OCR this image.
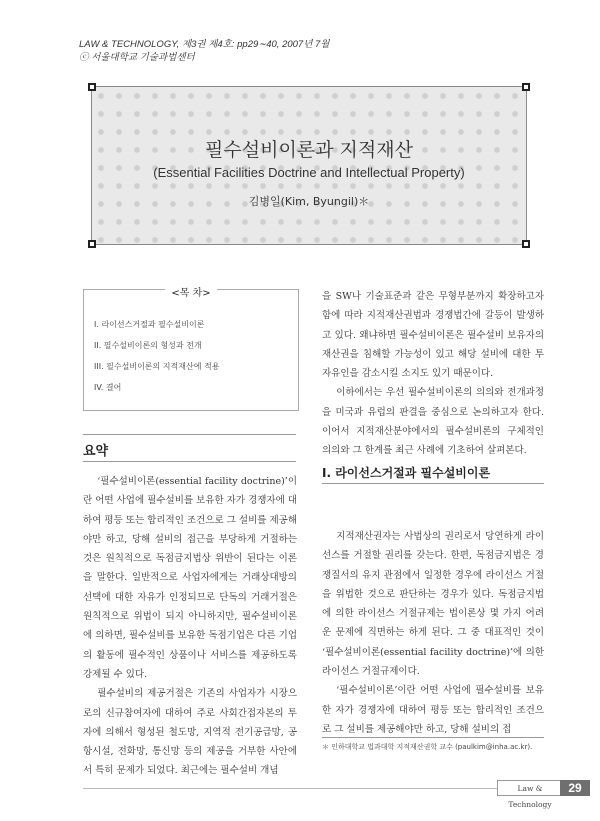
LAW & TECHNOLOGY, 제3권 제4호: pp29∼40, 2007년 7월
ⓒ 서울대학교 기술과법센터
필수설비이론과 지적재산
(Essential Facilities Doctrine and Intellectual Property)
김병일(Kim, Byungil)＊
<목 차>
I. 라이선스거절과 필수설비이론
II. 필수설비이론의 형성과 전개
III. 필수설비이론의 지적재산에 적용
IV. 결어
요약

‘필수설비이론(essential facility doctrine)’이란 어떤 사업에 필수설비를 보유한 자가 경쟁자에 대하여 평등 또는 합리적인 조건으로 그 설비를 제공해야만 하고, 당해 설비의 접근을 부당하게 거절하는 것은 원칙적으로 독점금지법상 위반이 된다는 이론을 말한다. 일반적으로 사업자에게는 거래상대방의 선택에 대한 자유가 인정되므로 단독의 거래거절은 원칙적으로 위법이 되지 아니하지만, 필수설비이론에 의하면, 필수설비를 보유한 독점기업은 다른 기업의 활동에 필수적인 상품이나 서비스를 제공하도록 강제될 수 있다.

필수설비의 제공거절은 기존의 사업자가 시장으로의 신규참여자에 대하여 주로 사회간접자본의 투자에 의해서 형성된 철도망, 지역적 전기공급망, 공항시설, 전화망, 통신망 등의 제공을 거부한 사안에서 특히 문제가 되었다. 최근에는 필수설비 개념

을 SW나 기술표준과 같은 무형부분까지 확장하고자 함에 따라 지적재산권법과 경쟁법간에 갈등이 발생하고 있다. 왜냐하면 필수설비이론은 필수설비 보유자의 재산권을 침해할 가능성이 있고 해당 설비에 대한 투자유인을 감소시킬 소지도 있기 때문이다.

이하에서는 우선 필수설비이론의 의의와 전개과정을 미국과 유럽의 판결을 중심으로 논의하고자 한다. 이어서 지적재산분야에서의 필수설비론의 구체적인 의의와 그 한계를 최근 사례에 기초하여 살펴본다.

I. 라이선스거절과 필수설비이론

지적재산권자는 사법상의 권리로서 당연하게 라이선스를 거절할 권리를 갖는다. 한편, 독점금지법은 경쟁질서의 유지 관점에서 일정한 경우에 라이선스 거절을 위법한 것으로 판단하는 경우가 있다. 독점금지법에 의한 라이선스 거절규제는 법이론상 몇 가지 어려운 문제에 직면하는 하게 된다. 그 중 대표적인 것이 ‘필수설비이론(essential facility doctrine)’에 의한 라이선스 거절규제이다.

‘필수설비이론’이란 어떤 사업에 필수설비를 보유한 자가 경쟁자에 대하여 평등 또는 합리적인 조건으로 그 설비를 제공해야만 하고, 당해 설비의 접

＊ 인하대학교 법과대학 지적재산권학 교수 (paulkim@inha.ac.kr).
Law & Technology
29
